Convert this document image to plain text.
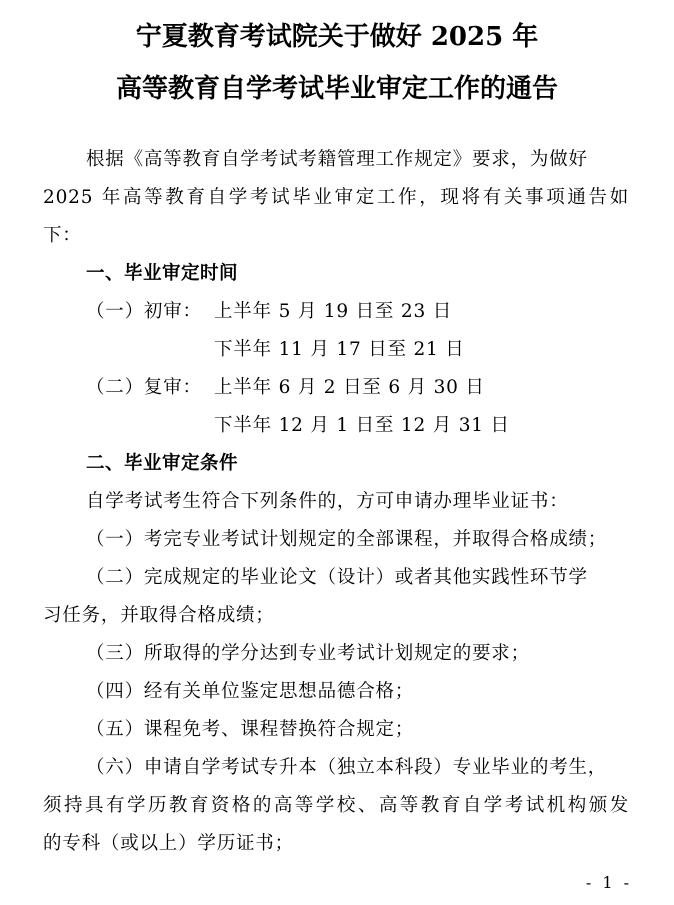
宁夏教育考试院关于做好 2025 年
高等教育自学考试毕业审定工作的通告
根据《高等教育自学考试考籍管理工作规定》要求，为做好
2025 年高等教育自学考试毕业审定工作，现将有关事项通告如
下：
一、毕业审定时间
（一）初审： 上半年 5 月 19 日至 23 日
下半年 11 月 17 日至 21 日
（二）复审： 上半年 6 月 2 日至 6 月 30 日
下半年 12 月 1 日至 12 月 31 日
二、毕业审定条件
自学考试考生符合下列条件的，方可申请办理毕业证书：
（一）考完专业考试计划规定的全部课程，并取得合格成绩；
（二）完成规定的毕业论文（设计）或者其他实践性环节学
习任务，并取得合格成绩；
（三）所取得的学分达到专业考试计划规定的要求；
（四）经有关单位鉴定思想品德合格；
（五）课程免考、课程替换符合规定；
（六）申请自学考试专升本（独立本科段）专业毕业的考生，
须持具有学历教育资格的高等学校、高等教育自学考试机构颁发
的专科（或以上）学历证书；
- 1 -
